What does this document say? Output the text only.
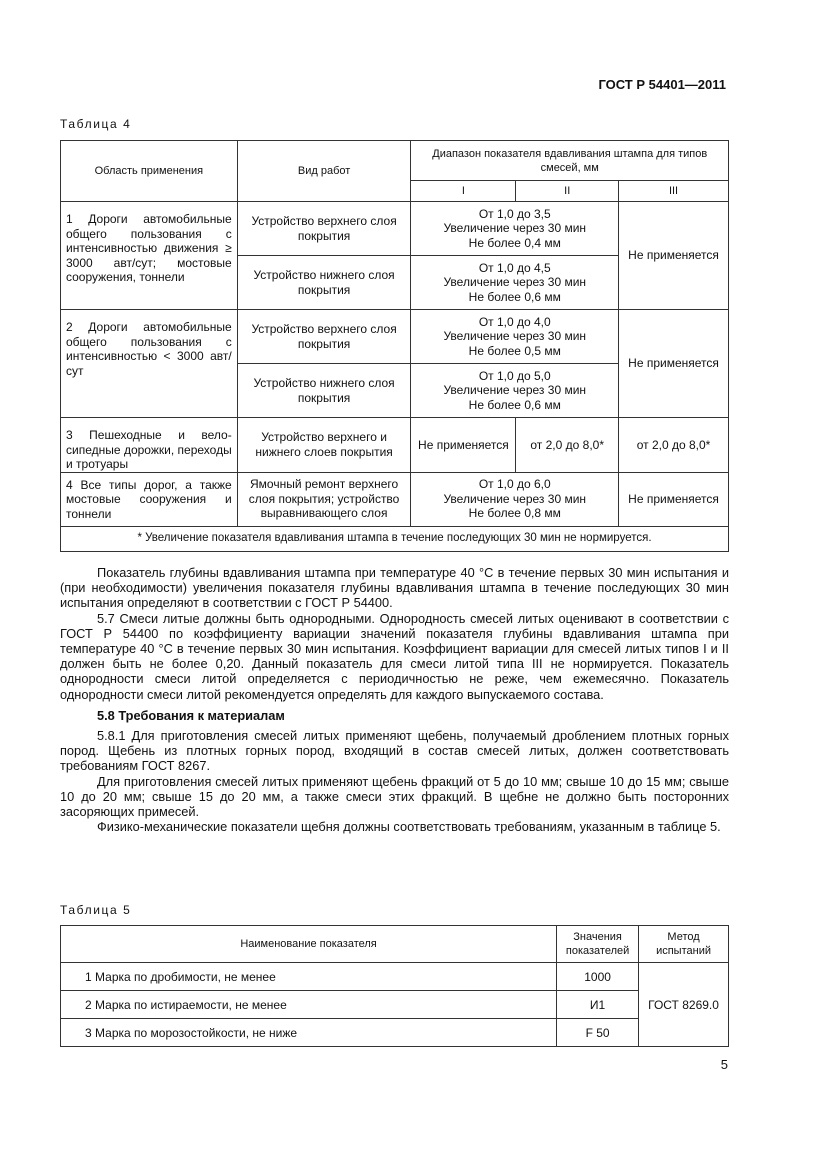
ГОСТ Р 54401—2011
Таблица 4
Область применения	Вид работ	Диапазон показателя вдавливания штампа для типов смесей, мм		
		I	II	III
1 Дороги автомобильные общего пользования с интенсивностью движения ≥ 3000 авт/сут; мостовые сооружения, тоннели	Устройство верхнего слоя покрытия	От 1,0 до 3,5
Увеличение через 30 мин
Не более 0,4 мм		Не применяется
	Устройство нижнего слоя покрытия	От 1,0 до 4,5
Увеличение через 30 мин
Не более 0,6 мм		

2 Дороги автомобильные общего пользования с интенсивностью < 3000 авт/сут	Устройство верхнего слоя покрытия	От 1,0 до 4,0
Увеличение через 30 мин
Не более 0,5 мм		Не применяется
	Устройство нижнего слоя покрытия	От 1,0 до 5,0
Увеличение через 30 мин
Не более 0,6 мм		

3 Пешеходные и велосипедные дорожки, переходы и тротуары	Устройство верхнего и нижнего слоев покрытия	Не применяется	от 2,0 до 8,0*	от 2,0 до 8,0*
4 Все типы дорог, а также мостовые сооружения и тоннели	Ямочный ремонт верхнего слоя покрытия; устройство выравнивающего слоя	От 1,0 до 6,0
Увеличение через 30 мин
Не более 0,8 мм		Не применяется
* Увеличение показателя вдавливания штампа в течение последующих 30 мин не нормируется.				

Показатель глубины вдавливания штампа при температуре 40 °С в течение первых 30 мин испытания и (при необходимости) увеличения показателя глубины вдавливания штампа в течение последующих 30 мин испытания определяют в соответствии с ГОСТ Р 54400.

5.7 Смеси литые должны быть однородными. Однородность смесей литых оценивают в соответствии с ГОСТ Р 54400 по коэффициенту вариации значений показателя глубины вдавливания штампа при температуре 40 °С в течение первых 30 мин испытания. Коэффициент вариации для смесей литых типов I и II должен быть не более 0,20. Данный показатель для смеси литой типа III не нормируется. Показатель однородности смеси литой определяется с периодичностью не реже, чем ежемесячно. Показатель однородности смеси литой рекомендуется определять для каждого выпускаемого состава.

5.8 Требования к материалам

5.8.1 Для приготовления смесей литых применяют щебень, получаемый дроблением плотных горных пород. Щебень из плотных горных пород, входящий в состав смесей литых, должен соответствовать требованиям ГОСТ 8267.

Для приготовления смесей литых применяют щебень фракций от 5 до 10 мм; свыше 10 до 15 мм; свыше 10 до 20 мм; свыше 15 до 20 мм, а также смеси этих фракций. В щебне не должно быть посторонних засоряющих примесей.

Физико-механические показатели щебня должны соответствовать требованиям, указанным в таблице 5.

Таблица 5
Наименование показателя	Значения показателей	Метод испытаний
1 Марка по дробимости, не менее	1000	ГОСТ 8269.0
2 Марка по истираемости, не менее	И1	
3 Марка по морозостойкости, не ниже	F 50	
5
